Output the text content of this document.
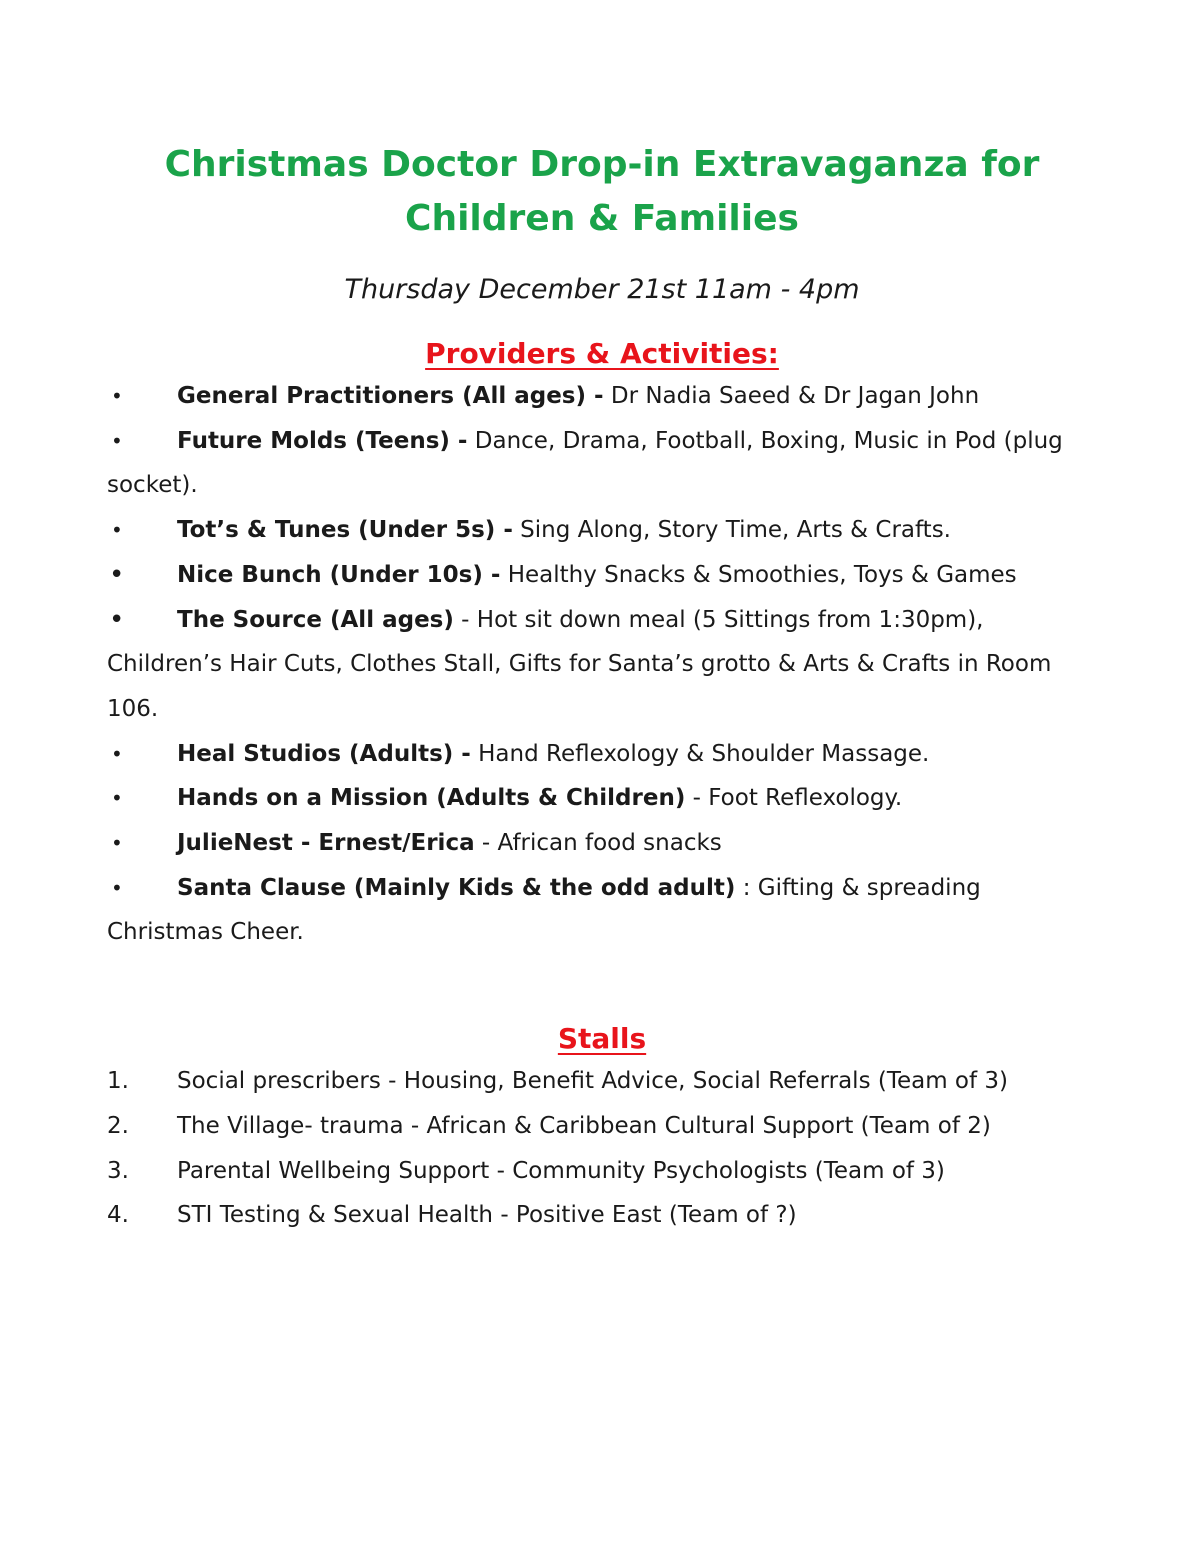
Christmas Doctor Drop-in Extravaganza for
Children & Families

Thursday December 21st 11am - 4pm

Providers & Activities:
•	General Practitioners (All ages) - Dr Nadia Saeed & Dr Jagan John
•	Future Molds (Teens) - Dance, Drama, Football, Boxing, Music in Pod (plug socket).
•	Tot’s & Tunes (Under 5s) - Sing Along, Story Time, Arts & Crafts.
•	Nice Bunch (Under 10s) - Healthy Snacks & Smoothies, Toys & Games
•	The Source (All ages) - Hot sit down meal (5 Sittings from 1:30pm), Children’s Hair Cuts, Clothes Stall, Gifts for Santa’s grotto & Arts & Crafts in Room 106.
•	Heal Studios (Adults) - Hand Reflexology & Shoulder Massage.
•	Hands on a Mission (Adults & Children) - Foot Reflexology.
•	JulieNest - Ernest/Erica - African food snacks
•	Santa Clause (Mainly Kids & the odd adult) : Gifting & spreading Christmas Cheer.
Stalls
1.	Social prescribers - Housing, Benefit Advice, Social Referrals (Team of 3)
2.	The Village- trauma - African & Caribbean Cultural Support (Team of 2)
3.	Parental Wellbeing Support - Community Psychologists (Team of 3)
4.	STI Testing & Sexual Health - Positive East (Team of ?)
